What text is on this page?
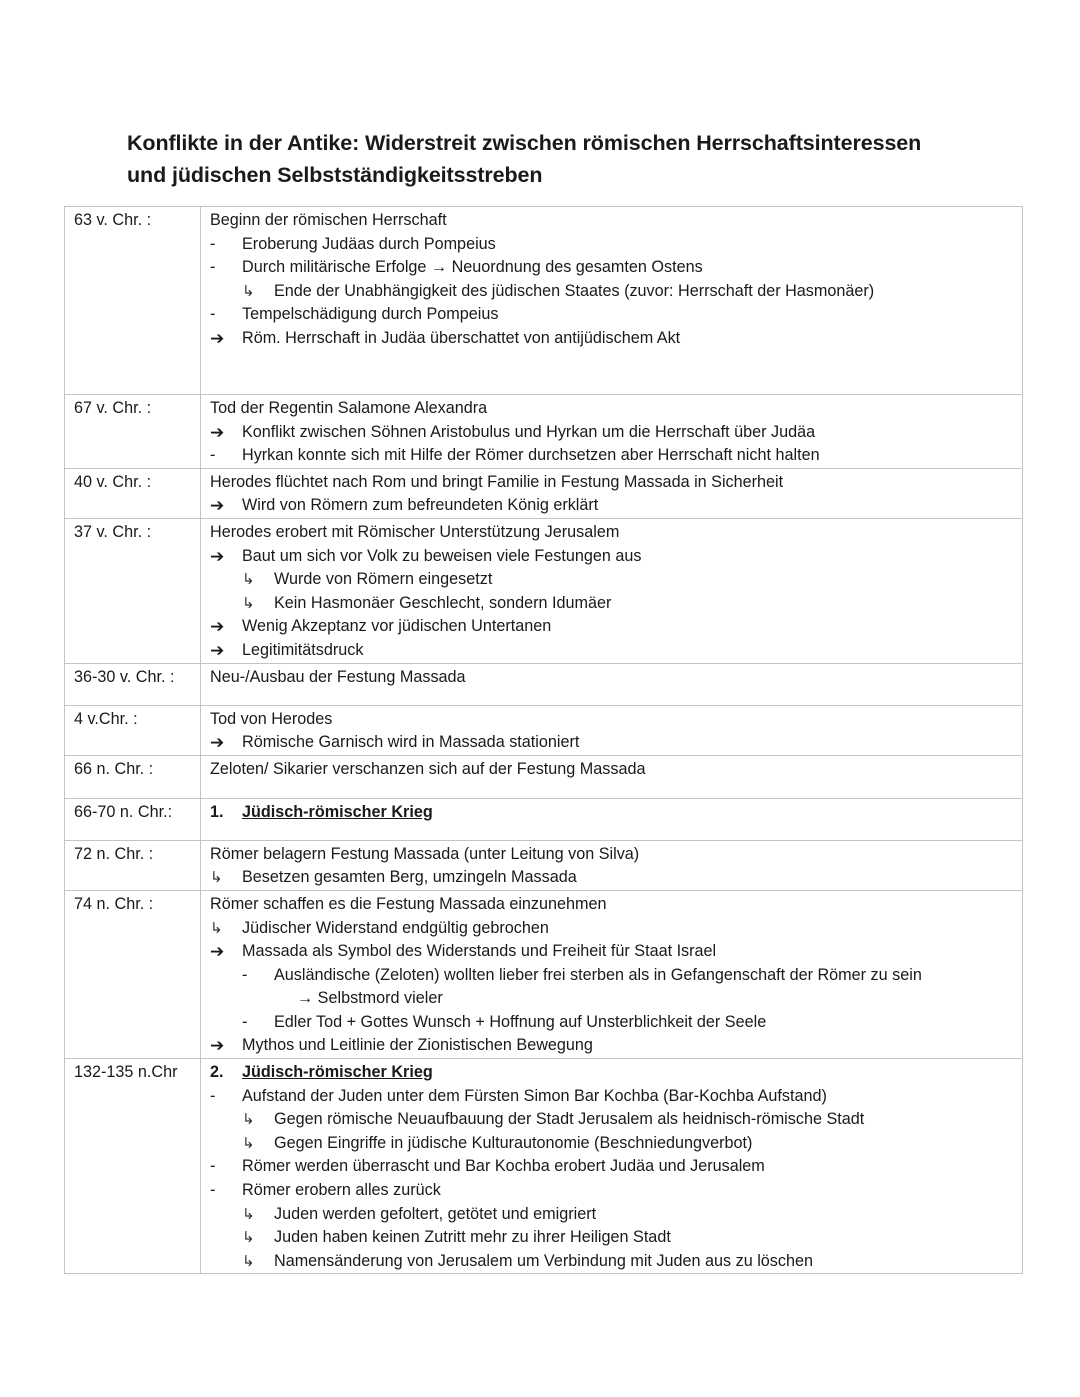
Konflikte in der Antike: Widerstreit zwischen römischen Herrschaftsinteressen
und jüdischen Selbstständigkeitsstreben
63 v. Chr. :	Beginn der römischen Herrschaft
-	Eroberung Judäas durch Pompeius
-	Durch militärische Erfolge → Neuordnung des gesamten Ostens
↳	Ende der Unabhängigkeit des jüdischen Staates (zuvor: Herrschaft der Hasmonäer)
-	Tempelschädigung durch Pompeius
➔	Röm. Herrschaft in Judäa überschattet von antijüdischem Akt

67 v. Chr. :	Tod der Regentin Salamone Alexandra
➔ Konflikt zwischen Söhnen Aristobulus und Hyrkan um die Herrschaft über Judäa
- Hyrkan konnte sich mit Hilfe der Römer durchsetzen aber Herrschaft nicht halten

40 v. Chr. :	Herodes flüchtet nach Rom und bringt Familie in Festung Massada in Sicherheit
➔ Wird von Römern zum befreundeten König erklärt

37 v. Chr. :	Herodes erobert mit Römischer Unterstützung Jerusalem
➔	Baut um sich vor Volk zu beweisen viele Festungen aus
↳	Wurde von Römern eingesetzt
↳	Kein Hasmonäer Geschlecht, sondern Idumäer
➔	Wenig Akzeptanz vor jüdischen Untertanen
➔	Legitimitätsdruck

36-30 v. Chr. :	Neu-/Ausbau der Festung Massada

4 v.Chr. :	Tod von Herodes
➔ Römische Garnisch wird in Massada stationiert

66 n. Chr. :	Zeloten/ Sikarier verschanzen sich auf der Festung Massada

66-70 n. Chr.:	1. Jüdisch-römischer Krieg

72 n. Chr. :	Römer belagern Festung Massada (unter Leitung von Silva)
↳ Besetzen gesamten Berg, umzingeln Massada

74 n. Chr. :	Römer schaffen es die Festung Massada einzunehmen
↳	Jüdischer Widerstand endgültig gebrochen
➔	Massada als Symbol des Widerstands und Freiheit für Staat Israel
-	Ausländische (Zeloten) wollten lieber frei sterben als in Gefangenschaft der Römer zu sein
→ Selbstmord vieler
-	Edler Tod + Gottes Wunsch + Hoffnung auf Unsterblichkeit der Seele
➔	Mythos und Leitlinie der Zionistischen Bewegung

132-135 n.Chr	2. Jüdisch-römischer Krieg
-	Aufstand der Juden unter dem Fürsten Simon Bar Kochba (Bar-Kochba Aufstand)
↳	Gegen römische Neuaufbauung der Stadt Jerusalem als heidnisch-römische Stadt
↳	Gegen Eingriffe in jüdische Kulturautonomie (Beschniedungverbot)
-	Römer werden überrascht und Bar Kochba erobert Judäa und Jerusalem
-	Römer erobern alles zurück
↳	Juden werden gefoltert, getötet und emigriert
↳	Juden haben keinen Zutritt mehr zu ihrer Heiligen Stadt
↳	Namensänderung von Jerusalem um Verbindung mit Juden aus zu löschen
